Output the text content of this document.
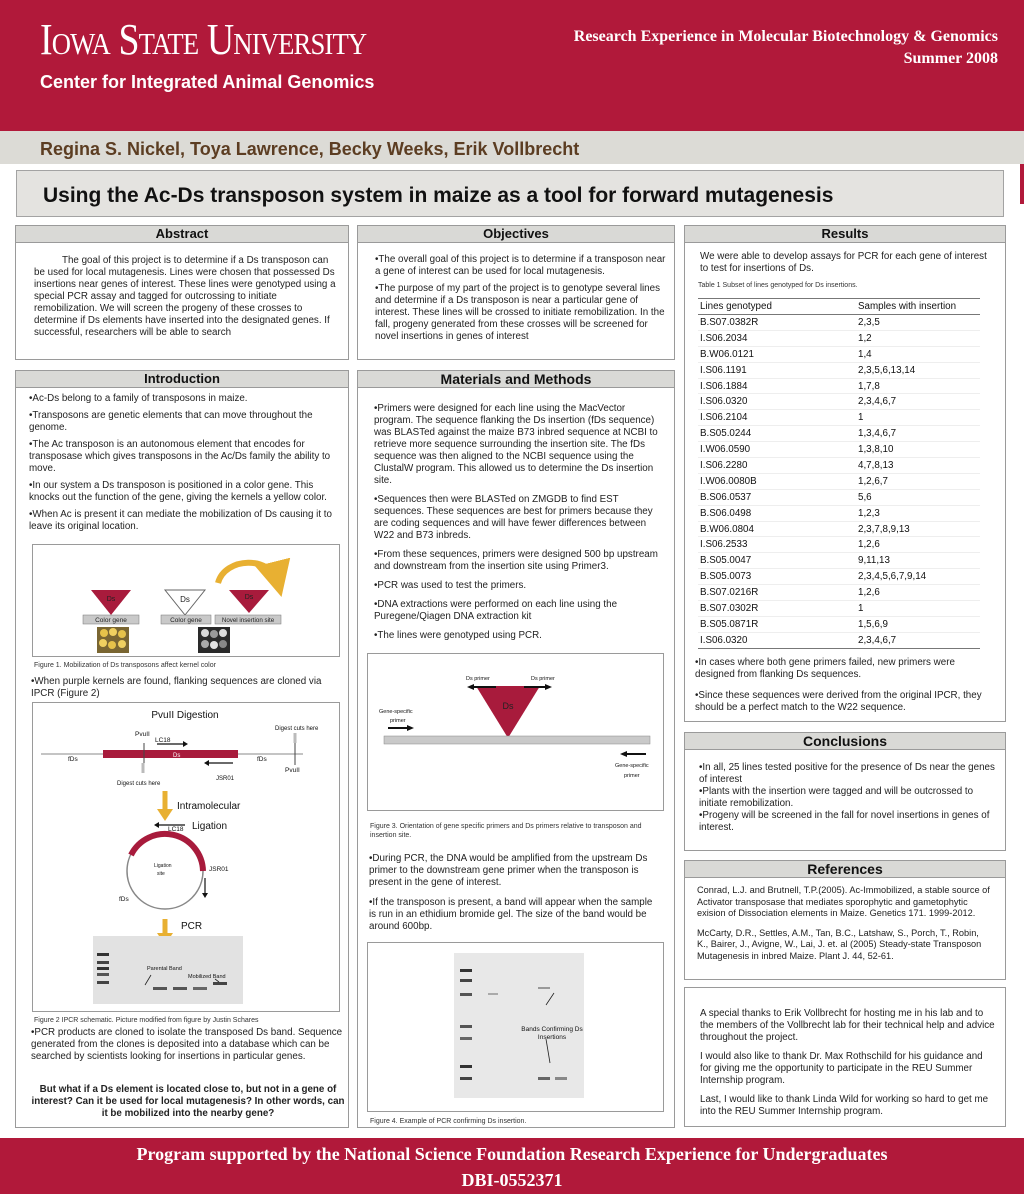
Iowa State University
Center for Integrated Animal Genomics
Research Experience in Molecular Biotechnology & Genomics
Summer 2008
Regina S. Nickel, Toya Lawrence, Becky Weeks, Erik Vollbrecht
Using the Ac-Ds transposon system in maize as a tool for forward mutagenesis
Abstract
The goal of this project is to determine if a Ds transposon can be used for local mutagenesis. Lines were chosen that possessed Ds insertions near genes of interest. These lines were genotyped using a special PCR assay and tagged for outcrossing to initiate remobilization. We will screen the progeny of these crosses to determine if Ds elements have inserted into the designated genes. If successful, researchers will be able to search
Objectives

•The overall goal of this project is to determine if a transposon near a gene of interest can be used for local mutagenesis.

•The purpose of my part of the project is to genotype several lines and determine if a Ds transposon is near a particular gene of interest. These lines will be crossed to initiate remobilization. In the fall, progeny generated from these crosses will be screened for novel insertions in genes of interest

Results
We were able to develop assays for PCR for each gene of interest to test for insertions of Ds.
Table 1 Subset of lines genotyped for Ds insertions.
Lines genotyped	Samples with insertion
B.S07.0382R	2,3,5
I.S06.2034	1,2
B.W06.0121	1,4
I.S06.1191	2,3,5,6,13,14
I.S06.1884	1,7,8
I.S06.0320	2,3,4,6,7
I.S06.2104	1
B.S05.0244	1,3,4,6,7
I.W06.0590	1,3,8,10
I.S06.2280	4,7,8,13
I.W06.0080B	1,2,6,7
B.S06.0537	5,6
B.S06.0498	1,2,3
B.W06.0804	2,3,7,8,9,13
I.S06.2533	1,2,6
B.S05.0047	9,11,13
B.S05.0073	2,3,4,5,6,7,9,14
B.S07.0216R	1,2,6
B.S07.0302R	1
B.S05.0871R	1,5,6,9
I.S06.0320	2,3,4,6,7

•In cases where both gene primers failed, new primers were designed from flanking Ds sequences.

•Since these sequences were derived from the original IPCR, they should be a perfect match to the W22 sequence.

Conclusions
•In all, 25 lines tested positive for the presence of Ds near the genes of interest
•Plants with the insertion were tagged and will be outcrossed to initiate remobilization.
•Progeny will be screened in the fall for novel insertions in genes of interest.
References

Conrad, L.J. and Brutnell, T.P.(2005). Ac-Immobilized, a stable source of Activator transposase that mediates sporophytic and gametophytic exision of Dissociation elements in Maize. Genetics 171. 1999-2012.

McCarty, D.R., Settles, A.M., Tan, B.C., Latshaw, S., Porch, T., Robin, K., Bairer, J., Avigne, W., Lai, J. et. al (2005) Steady-state Transposon Mutagenesis in inbred Maize. Plant J. 44, 52-61.

A special thanks to Erik Vollbrecht for hosting me in his lab and to the members of the Vollbrecht lab for their technical help and advice throughout the project.

I would also like to thank Dr. Max Rothschild for his guidance and for giving me the opportunity to participate in the REU Summer Internship program.

Last, I would like to thank Linda Wild for working so hard to get me into the REU Summer Internship program.

Introduction

•Ac-Ds belong to a family of transposons in maize.

•Transposons are genetic elements that can move throughout the genome.

•The Ac transposon is an autonomous element that encodes for transposase which gives transposons in the Ac/Ds family the ability to move.

•In our system a Ds transposon is positioned in a color gene. This knocks out the function of the gene, giving the kernels a yellow color.

•When Ac is present it can mediate the mobilization of Ds causing it to leave its original location.

Ds	Ds	Ds
Color gene	Color gene	Novel insertion site
Figure 1. Mobilization of Ds transposons affect kernel color
•When purple kernels are found, flanking sequences are cloned via IPCR (Figure 2)
PvuII Digestion
PvuII
LC18
Digest cuts here
fDs	Ds	fDs
PvuII
Digest cuts here
JSR01
Intramolecular
Ligation
LC18
Ligation
site
JSR01
fDs
PCR
Parental Band
Mobilized Band
Figure 2 IPCR schematic. Picture modified from figure by Justin Schares
•PCR products are cloned to isolate the transposed Ds band. Sequence generated from the clones is deposited into a database which can be searched by scientists looking for insertions in particular genes.
But what if a Ds element is located close to, but not in a gene of interest? Can it be used for local mutagenesis? In other words, can it be mobilized into the nearby gene?
Materials and Methods

•Primers were designed for each line using the MacVector program. The sequence flanking the Ds insertion (fDs sequence) was BLASTed against the maize B73 inbred sequence at NCBI to retrieve more sequence surrounding the insertion site. The fDs sequence was then aligned to the NCBI sequence using the ClustalW program. This allowed us to determine the Ds insertion site.

•Sequences then were BLASTed on ZMGDB to find EST sequences. These sequences are best for primers because they are coding sequences and will have fewer differences between W22 and B73 inbreds.

•From these sequences, primers were designed 500 bp upstream and downstream from the insertion site using Primer3.

•PCR was used to test the primers.

•DNA extractions were performed on each line using the Puregene/Qiagen DNA extraction kit

•The lines were genotyped using PCR.

Ds primer	Ds primer
Ds
Gene-specific
primer
Gene-specific
primer
Figure 3. Orientation of gene specific primers and Ds primers relative to transposon and insertion site.

•During PCR, the DNA would be amplified from the upstream Ds primer to the downstream gene primer when the transposon is present in the gene of interest.

•If the transposon is present, a band will appear when the sample is run in an ethidium bromide gel. The size of the band would be around 600bp.

Bands Confirming Ds
Insertions
Figure 4. Example of PCR confirming Ds insertion.
Program supported by the National Science Foundation Research Experience for Undergraduates
DBI-0552371
